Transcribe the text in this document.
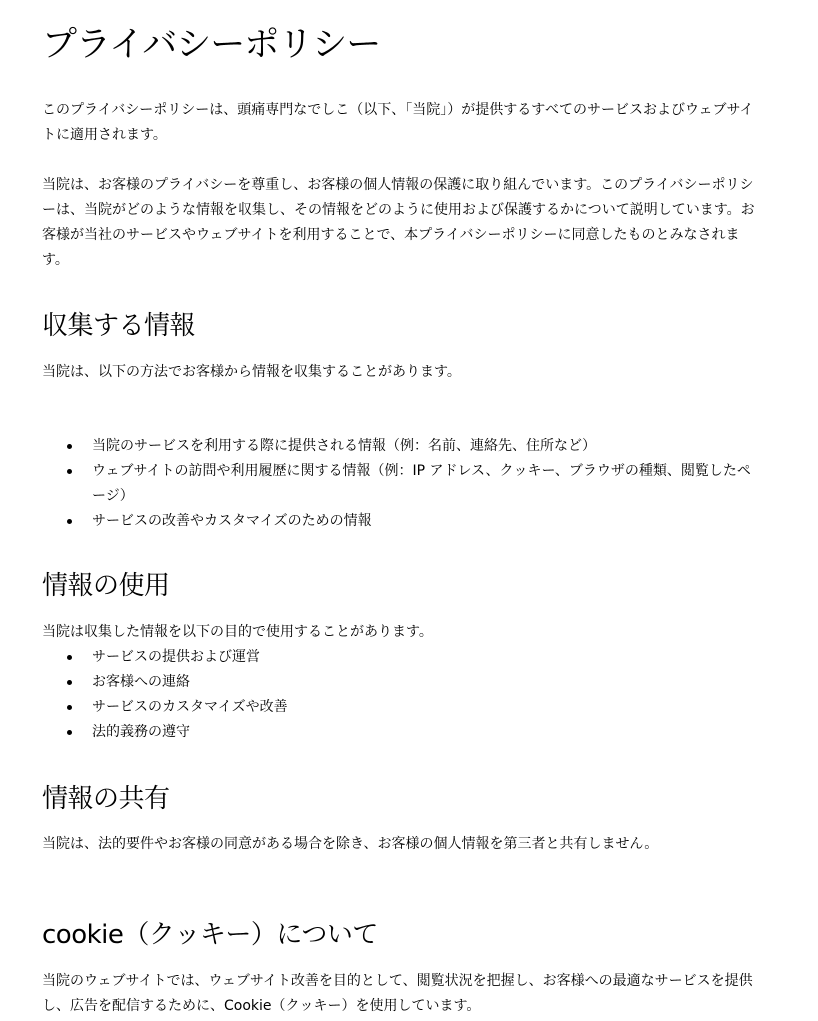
プライバシーポリシー

このプライバシーポリシーは、頭痛専門なでしこ（以下、「当院」）が提供するすべてのサービスおよびウェブサイトに適用されます。

当院は、お客様のプライバシーを尊重し、お客様の個人情報の保護に取り組んでいます。このプライバシーポリシーは、当院がどのような情報を収集し、その情報をどのように使用および保護するかについて説明しています。お客様が当社のサービスやウェブサイトを利用することで、本プライバシーポリシーに同意したものとみなされます。

収集する情報

当院は、以下の方法でお客様から情報を収集することがあります。

当院のサービスを利用する際に提供される情報（例：名前、連絡先、住所など）
ウェブサイトの訪問や利用履歴に関する情報（例：IP アドレス、クッキー、ブラウザの種類、閲覧したページ）
サービスの改善やカスタマイズのための情報
情報の使用

当院は収集した情報を以下の目的で使用することがあります。

サービスの提供および運営
お客様への連絡
サービスのカスタマイズや改善
法的義務の遵守
情報の共有

当院は、法的要件やお客様の同意がある場合を除き、お客様の個人情報を第三者と共有しません。

cookie（クッキー）について

当院のウェブサイトでは、ウェブサイト改善を目的として、閲覧状況を把握し、お客様への最適なサービスを提供し、広告を配信するために、Cookie（クッキー）を使用しています。
